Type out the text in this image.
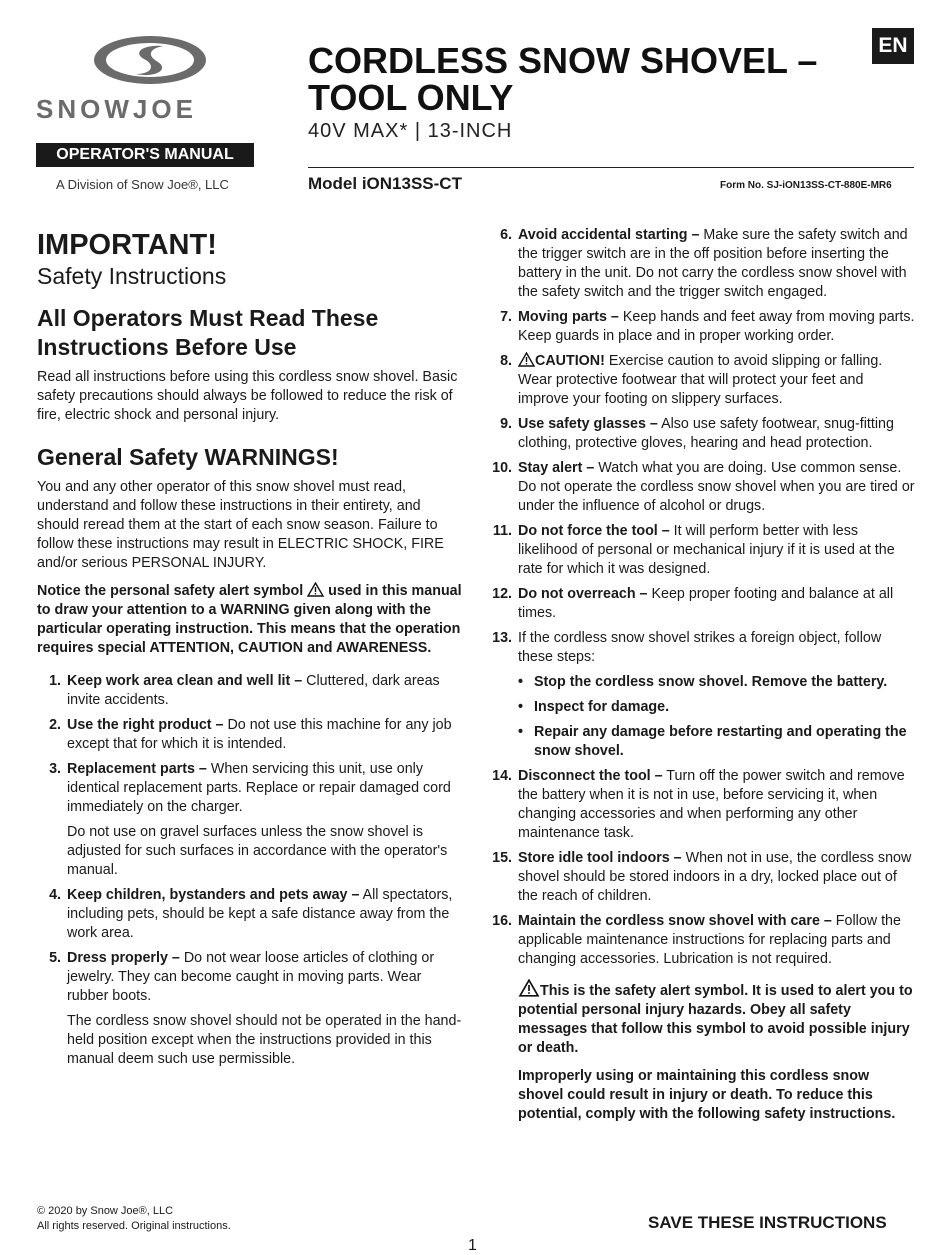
SNOWJOE
OPERATOR'S MANUAL
A Division of Snow Joe®, LLC
CORDLESS SNOW SHOVEL –
TOOL ONLY
40V MAX* | 13-INCH
EN
Model iON13SS-CT	Form No. SJ-iON13SS-CT-880E-MR6
IMPORTANT!
Safety Instructions
All Operators Must Read These Instructions Before Use

Read all instructions before using this cordless snow shovel. Basic safety precautions should always be followed to reduce the risk of fire, electric shock and personal injury.

General Safety WARNINGS!

You and any other operator of this snow shovel must read, understand and follow these instructions in their entirety, and should reread them at the start of each snow season. Failure to follow these instructions may result in ELECTRIC SHOCK, FIRE and/or serious PERSONAL INJURY.

Notice the personal safety alert symbol used in this manual to draw your attention to a WARNING given along with the particular operating instruction. This means that the operation requires special ATTENTION, CAUTION and AWARENESS.

1. Keep work area clean and well lit – Cluttered, dark areas invite accidents.
2. Use the right product – Do not use this machine for any job except that for which it is intended.
3. Replacement parts – When servicing this unit, use only identical replacement parts. Replace or repair damaged cord immediately on the charger.
Do not use on gravel surfaces unless the snow shovel is adjusted for such surfaces in accordance with the operator's manual.
4. Keep children, bystanders and pets away – All spectators, including pets, should be kept a safe distance away from the work area.
5. Dress properly – Do not wear loose articles of clothing or jewelry. They can become caught in moving parts. Wear rubber boots.
The cordless snow shovel should not be operated in the hand-held position except when the instructions provided in this manual deem such use permissible.
6. Avoid accidental starting – Make sure the safety switch and the trigger switch are in the off position before inserting the battery in the unit. Do not carry the cordless snow shovel with the safety switch and the trigger switch engaged.
7. Moving parts – Keep hands and feet away from moving parts. Keep guards in place and in proper working order.
8.	CAUTION! Exercise caution to avoid slipping or falling. Wear protective footwear that will protect your feet and improve your footing on slippery surfaces.
9. Use safety glasses – Also use safety footwear, snug-fitting clothing, protective gloves, hearing and head protection.
10. Stay alert – Watch what you are doing. Use common sense. Do not operate the cordless snow shovel when you are tired or under the influence of alcohol or drugs.
11. Do not force the tool – It will perform better with less likelihood of personal or mechanical injury if it is used at the rate for which it was designed.
12. Do not overreach – Keep proper footing and balance at all times.
13. If the cordless snow shovel strikes a foreign object, follow these steps:
• Stop the cordless snow shovel. Remove the battery.
• Inspect for damage.
• Repair any damage before restarting and operating the snow shovel.
14. Disconnect the tool – Turn off the power switch and remove the battery when it is not in use, before servicing it, when changing accessories and when performing any other maintenance task.
15. Store idle tool indoors – When not in use, the cordless snow shovel should be stored indoors in a dry, locked place out of the reach of children.
16. Maintain the cordless snow shovel with care – Follow the applicable maintenance instructions for replacing parts and changing accessories. Lubrication is not required.

This is the safety alert symbol. It is used to alert you to potential personal injury hazards. Obey all safety messages that follow this symbol to avoid possible injury or death.

Improperly using or maintaining this cordless snow shovel could result in injury or death. To reduce this potential, comply with the following safety instructions.

© 2020 by Snow Joe®, LLC
All rights reserved. Original instructions.	SAVE THESE INSTRUCTIONS
1
